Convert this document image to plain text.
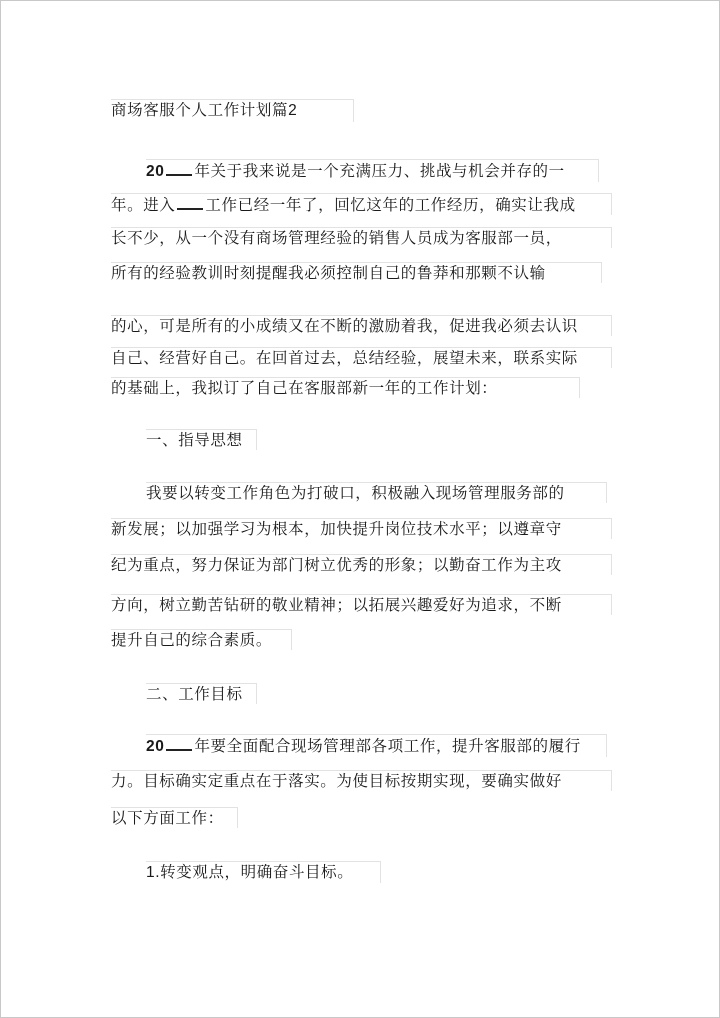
商场客服个人工作计划篇2
20 年关于我来说是一个充满压力、挑战与机会并存的一
年。进入 工作已经一年了，回忆这年的工作经历，确实让我成
长不少，从一个没有商场管理经验的销售人员成为客服部一员，
所有的经验教训时刻提醒我必须控制自己的鲁莽和那颗不认输
的心，可是所有的小成绩又在不断的激励着我，促进我必须去认识
自己、经营好自己。在回首过去，总结经验，展望未来，联系实际
的基础上，我拟订了自己在客服部新一年的工作计划：
一、指导思想
我要以转变工作角色为打破口，积极融入现场管理服务部的
新发展；以加强学习为根本，加快提升岗位技术水平；以遵章守
纪为重点，努力保证为部门树立优秀的形象；以勤奋工作为主攻
方向，树立勤苦钻研的敬业精神；以拓展兴趣爱好为追求，不断
提升自己的综合素质。
二、工作目标
20 年要全面配合现场管理部各项工作，提升客服部的履行
力。目标确实定重点在于落实。为使目标按期实现，要确实做好
以下方面工作：
1.转变观点，明确奋斗目标。
